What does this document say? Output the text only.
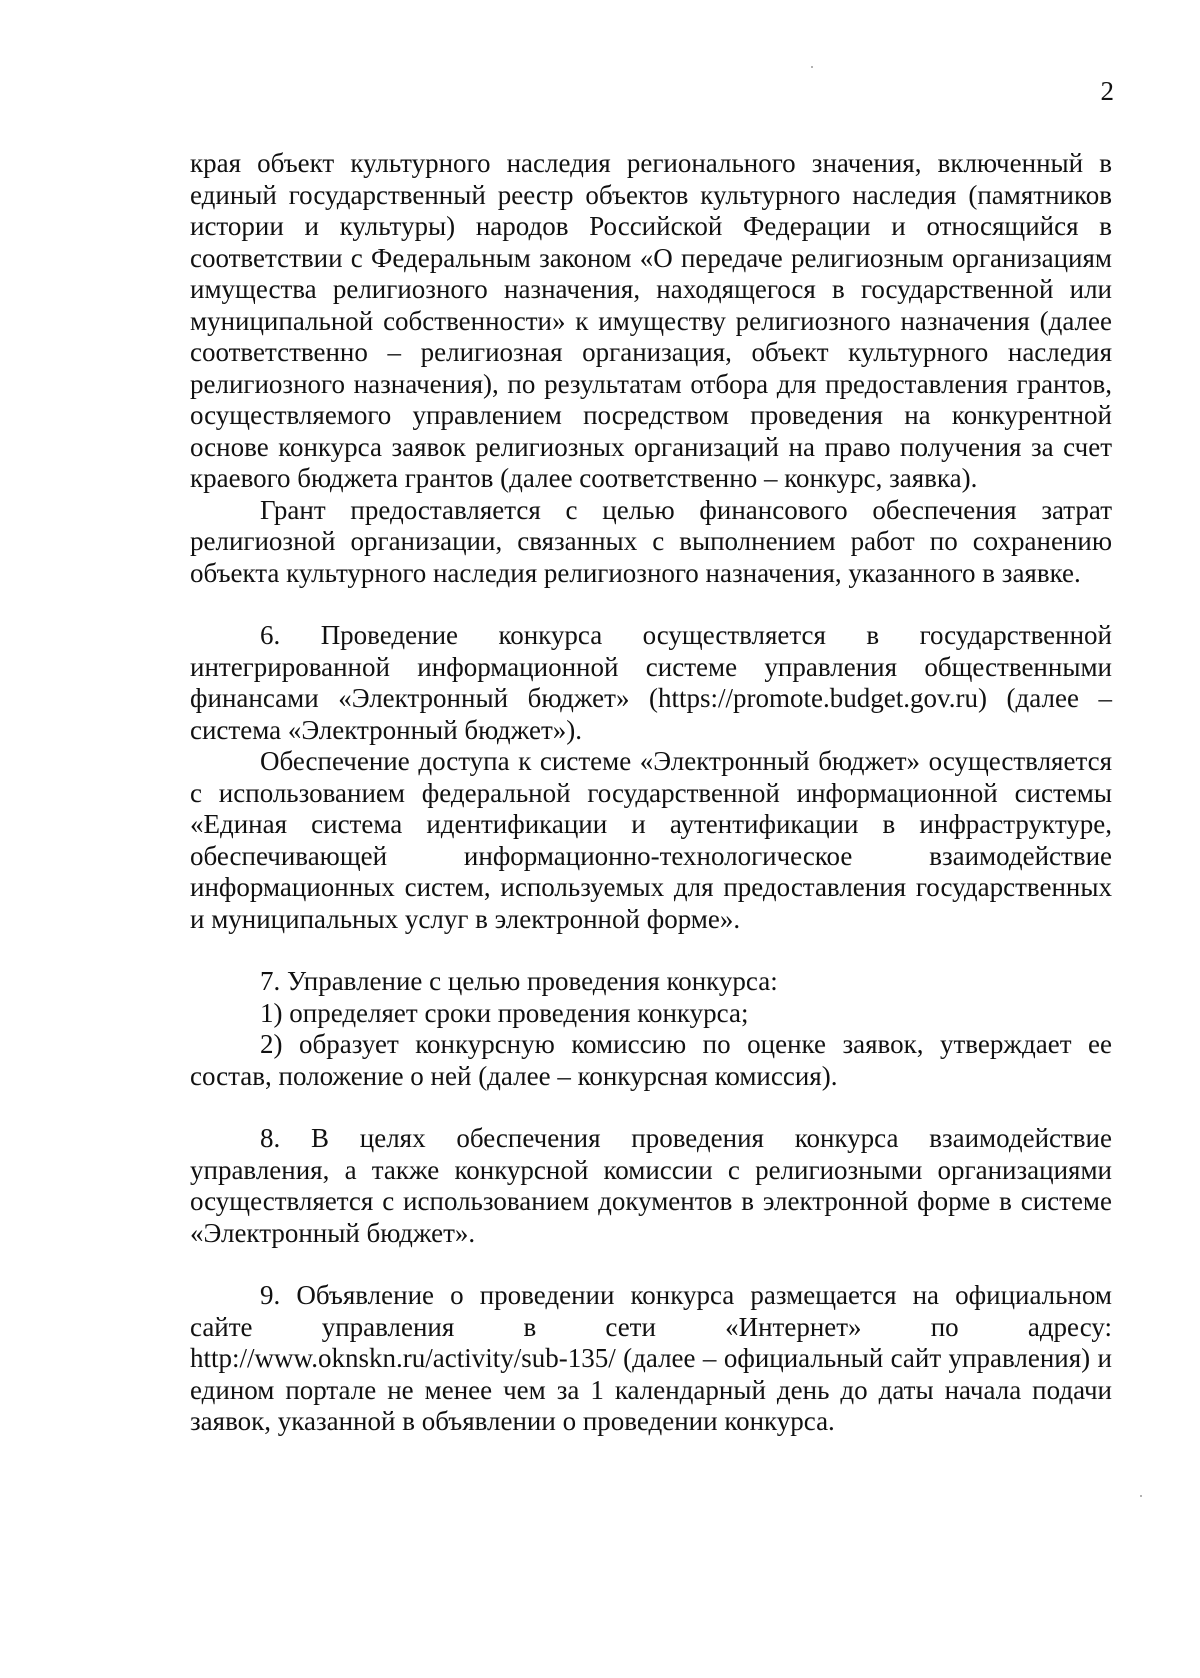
2

края объект культурного наследия регионального значения, включенный в единый государственный реестр объектов культурного наследия (памятников истории и культуры) народов Российской Федерации и относящийся в соответствии с Федеральным законом «О передаче религиозным организациям имущества религиозного назначения, находящегося в государственной или муниципальной собственности» к имуществу религиозного назначения (далее соответственно – религиозная организация, объект культурного наследия религиозного назначения), по результатам отбора для предоставления грантов, осуществляемого управлением посредством проведения на конкурентной основе конкурса заявок религиозных организаций на право получения за счет краевого бюджета грантов (далее соответственно – конкурс, заявка).

Грант предоставляется с целью финансового обеспечения затрат религиозной организации, связанных с выполнением работ по сохранению объекта культурного наследия религиозного назначения, указанного в заявке.

6. Проведение конкурса осуществляется в государственной интегрированной информационной системе управления общественными финансами «Электронный бюджет» (https://promote.budget.gov.ru) (далее –система «Электронный бюджет»).

Обеспечение доступа к системе «Электронный бюджет» осуществляется с использованием федеральной государственной информационной системы «Единая система идентификации и аутентификации в инфраструктуре, обеспечивающей информационно-технологическое взаимодействие информационных систем, используемых для предоставления государственных и муниципальных услуг в электронной форме».

7. Управление с целью проведения конкурса:

1) определяет сроки проведения конкурса;

2) образует конкурсную комиссию по оценке заявок, утверждает ее состав, положение о ней (далее – конкурсная комиссия).

8. В целях обеспечения проведения конкурса взаимодействие управления, а также конкурсной комиссии с религиозными организациями осуществляется с использованием документов в электронной форме в системе «Электронный бюджет».

9. Объявление о проведении конкурса размещается на официальном сайте управления в сети «Интернет» по адресу: http://www.oknskn.ru/activity/sub-135/ (далее – официальный сайт управления) и едином портале не менее чем за 1 календарный день до даты начала подачи заявок, указанной в объявлении о проведении конкурса.
